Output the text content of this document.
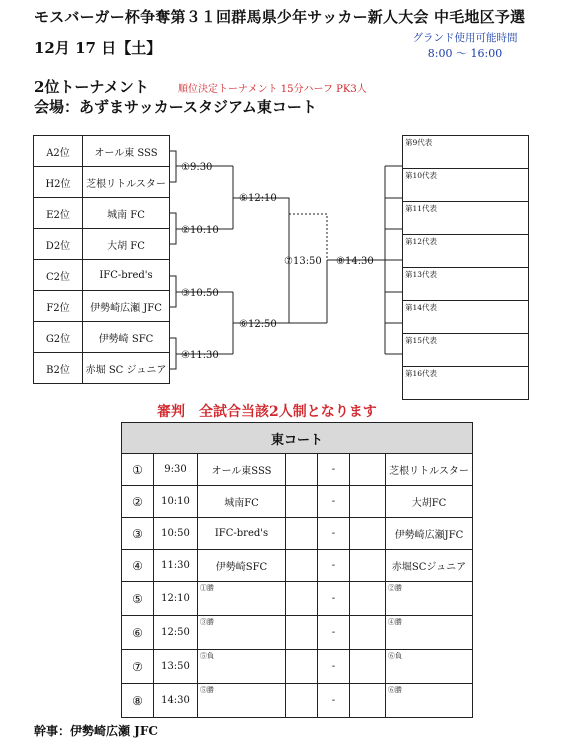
モスバーガー杯争奪第３１回群馬県少年サッカー新人大会 中毛地区予選
12月 17 日【土】
グランド使用可能時間
8:00 ～ 16:00
2位トーナメント	順位決定トーナメント 15分ハーフ PK3人
会場：あずまサッカースタジアム東コート
A2位	オール東 SSS
H2位	芝根リトルスター
E2位	城南 FC
D2位	大胡 FC
C2位	IFC-bred's
F2位	伊勢崎広瀬 JFC
G2位	伊勢崎 SFC
B2位	赤堀 SC ジュニア
①9:30
②10:10
③10:50
④11:30
⑤12:10
⑥12:50
⑦13:50 ⑧14:30
第9代表
第10代表
第11代表
第12代表
第13代表
第14代表
第15代表
第16代表
審判　全試合当該2人制となります
東コート						
①	9:30	オール東SSS		-		芝根リトルスター
②	10:10	城南FC		-		大胡FC
③	10:50	IFC-bred's		-		伊勢崎広瀬JFC
④	11:30	伊勢崎SFC		-		赤堀SCジュニア
⑤	12:10	①勝		-		②勝
⑥	12:50	③勝		-		④勝
⑦	13:50	⑤負		-		⑥負
⑧	14:30	⑤勝		-		⑥勝
幹事：伊勢崎広瀬 JFC
